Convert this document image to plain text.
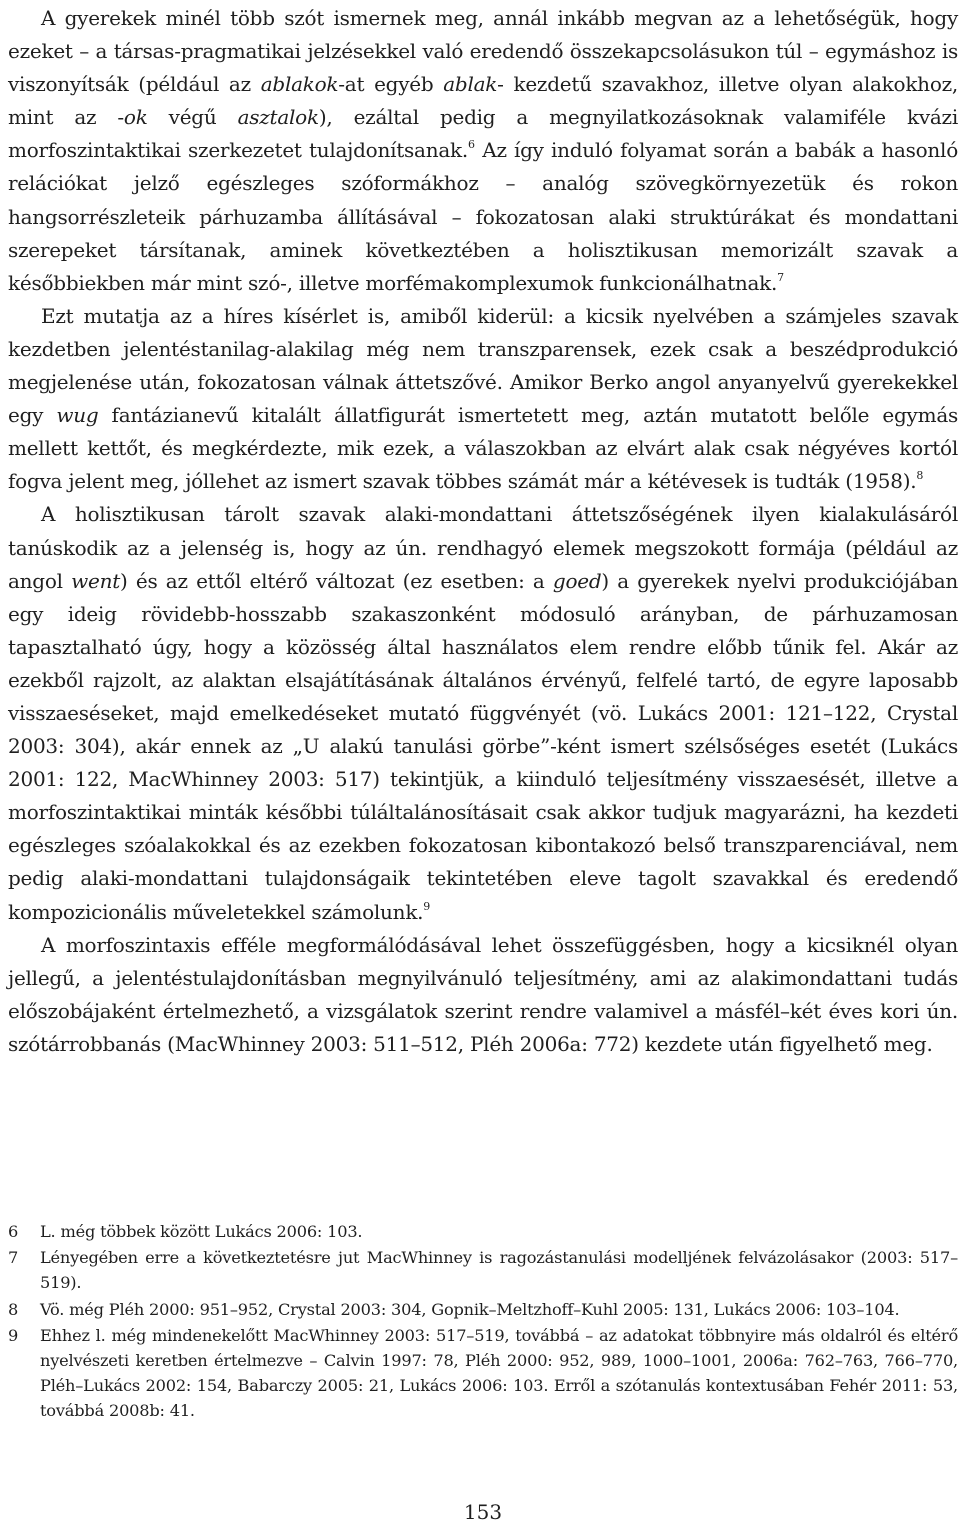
A gyerekek minél több szót ismernek meg, annál inkább megvan az a lehetőségük, hogy ezeket – a társas-pragmatikai jelzésekkel való eredendő összekapcsolásukon túl – egymáshoz is viszonyítsák (például az ablakok-at egyéb ablak- kezdetű szavakhoz, illetve olyan alakokhoz, mint az -ok végű asztalok), ezáltal pedig a megnyilatkozásoknak valamiféle kvázi morfoszintaktikai szerkezetet tulajdonítsanak.$^6$ Az így induló folyamat során a babák a hasonló relációkat jelző egészleges szóformákhoz – analóg szövegkörnyezetük és rokon hangsorrészleteik párhuzamba állításával – fokozatosan alaki struktúrákat és mondattani szerepeket társítanak, aminek következtében a holisztikusan memorizált szavak a későbbiekben már mint szó-, illetve morfémakomplexumok funkcionálhatnak.$^7$

Ezt mutatja az a híres kísérlet is, amiből kiderül: a kicsik nyelvében a számjeles szavak kezdetben jelentéstanilag-alakilag még nem transzparensek, ezek csak a beszédprodukció megjelenése után, fokozatosan válnak áttetszővé. Amikor Berko angol anyanyelvű gyerekekkel egy wug fantázianevű kitalált állatfigurát ismertetett meg, aztán mutatott belőle egymás mellett kettőt, és megkérdezte, mik ezek, a válaszokban az elvárt alak csak négyéves kortól fogva jelent meg, jóllehet az ismert szavak többes számát már a kétévesek is tudták (1958).$^8$

A holisztikusan tárolt szavak alaki-mondattani áttetszőségének ilyen kialakulásáról tanúskodik az a jelenség is, hogy az ún. rendhagyó elemek megszokott formája (például az angol went) és az ettől eltérő változat (ez esetben: a goed) a gyerekek nyelvi produkciójában egy ideig rövidebb-hosszabb szakaszonként módosuló arányban, de párhuzamosan tapasztalható úgy, hogy a közösség által használatos elem rendre előbb tűnik fel. Akár az ezekből rajzolt, az alaktan elsajátításának általános érvényű, felfelé tartó, de egyre laposabb visszaeséseket, majd emelkedéseket mutató függvényét (vö. Lukács 2001: 121–122, Crystal 2003: 304), akár ennek az „U alakú tanulási görbe”-ként ismert szélsőséges esetét (Lukács 2001: 122, MacWhinney 2003: 517) tekintjük, a kiinduló teljesítmény visszaesését, illetve a morfoszintaktikai minták későbbi túláltalánosításait csak akkor tudjuk magyarázni, ha kezdeti egészleges szóalakokkal és az ezekben fokozatosan kibontakozó belső transzparenciával, nem pedig alaki-mondattani tulajdonságaik tekintetében eleve tagolt szavakkal és eredendő kompozicionális műveletekkel számolunk.$^9$

A morfoszintaxis efféle megformálódásával lehet összefüggésben, hogy a kicsiknél olyan jellegű, a jelentéstulajdonításban megnyilvánuló teljesítmény, ami az alakimondattani tudás előszobájaként értelmezhető, a vizsgálatok szerint rendre valamivel a másfél–két éves kori ún. szótárrobbanás (MacWhinney 2003: 511–512, Pléh 2006a: 772) kezdete után figyelhető meg.

6 L. még többek között Lukács 2006: 103.
7 Lényegében erre a következtetésre jut MacWhinney is ragozástanulási modelljének felvázolásakor (2003: 517–519).
8 Vö. még Pléh 2000: 951–952, Crystal 2003: 304, Gopnik–Meltzhoff–Kuhl 2005: 131, Lukács 2006: 103–104.
9 Ehhez l. még mindenekelőtt MacWhinney 2003: 517–519, továbbá – az adatokat többnyire más oldalról és eltérő nyelvészeti keretben értelmezve – Calvin 1997: 78, Pléh 2000: 952, 989, 1000–1001, 2006a: 762–763, 766–770, Pléh–Lukács 2002: 154, Babarczy 2005: 21, Lukács 2006: 103. Erről a szótanulás kontextusában Fehér 2011: 53, továbbá 2008b: 41.
153
